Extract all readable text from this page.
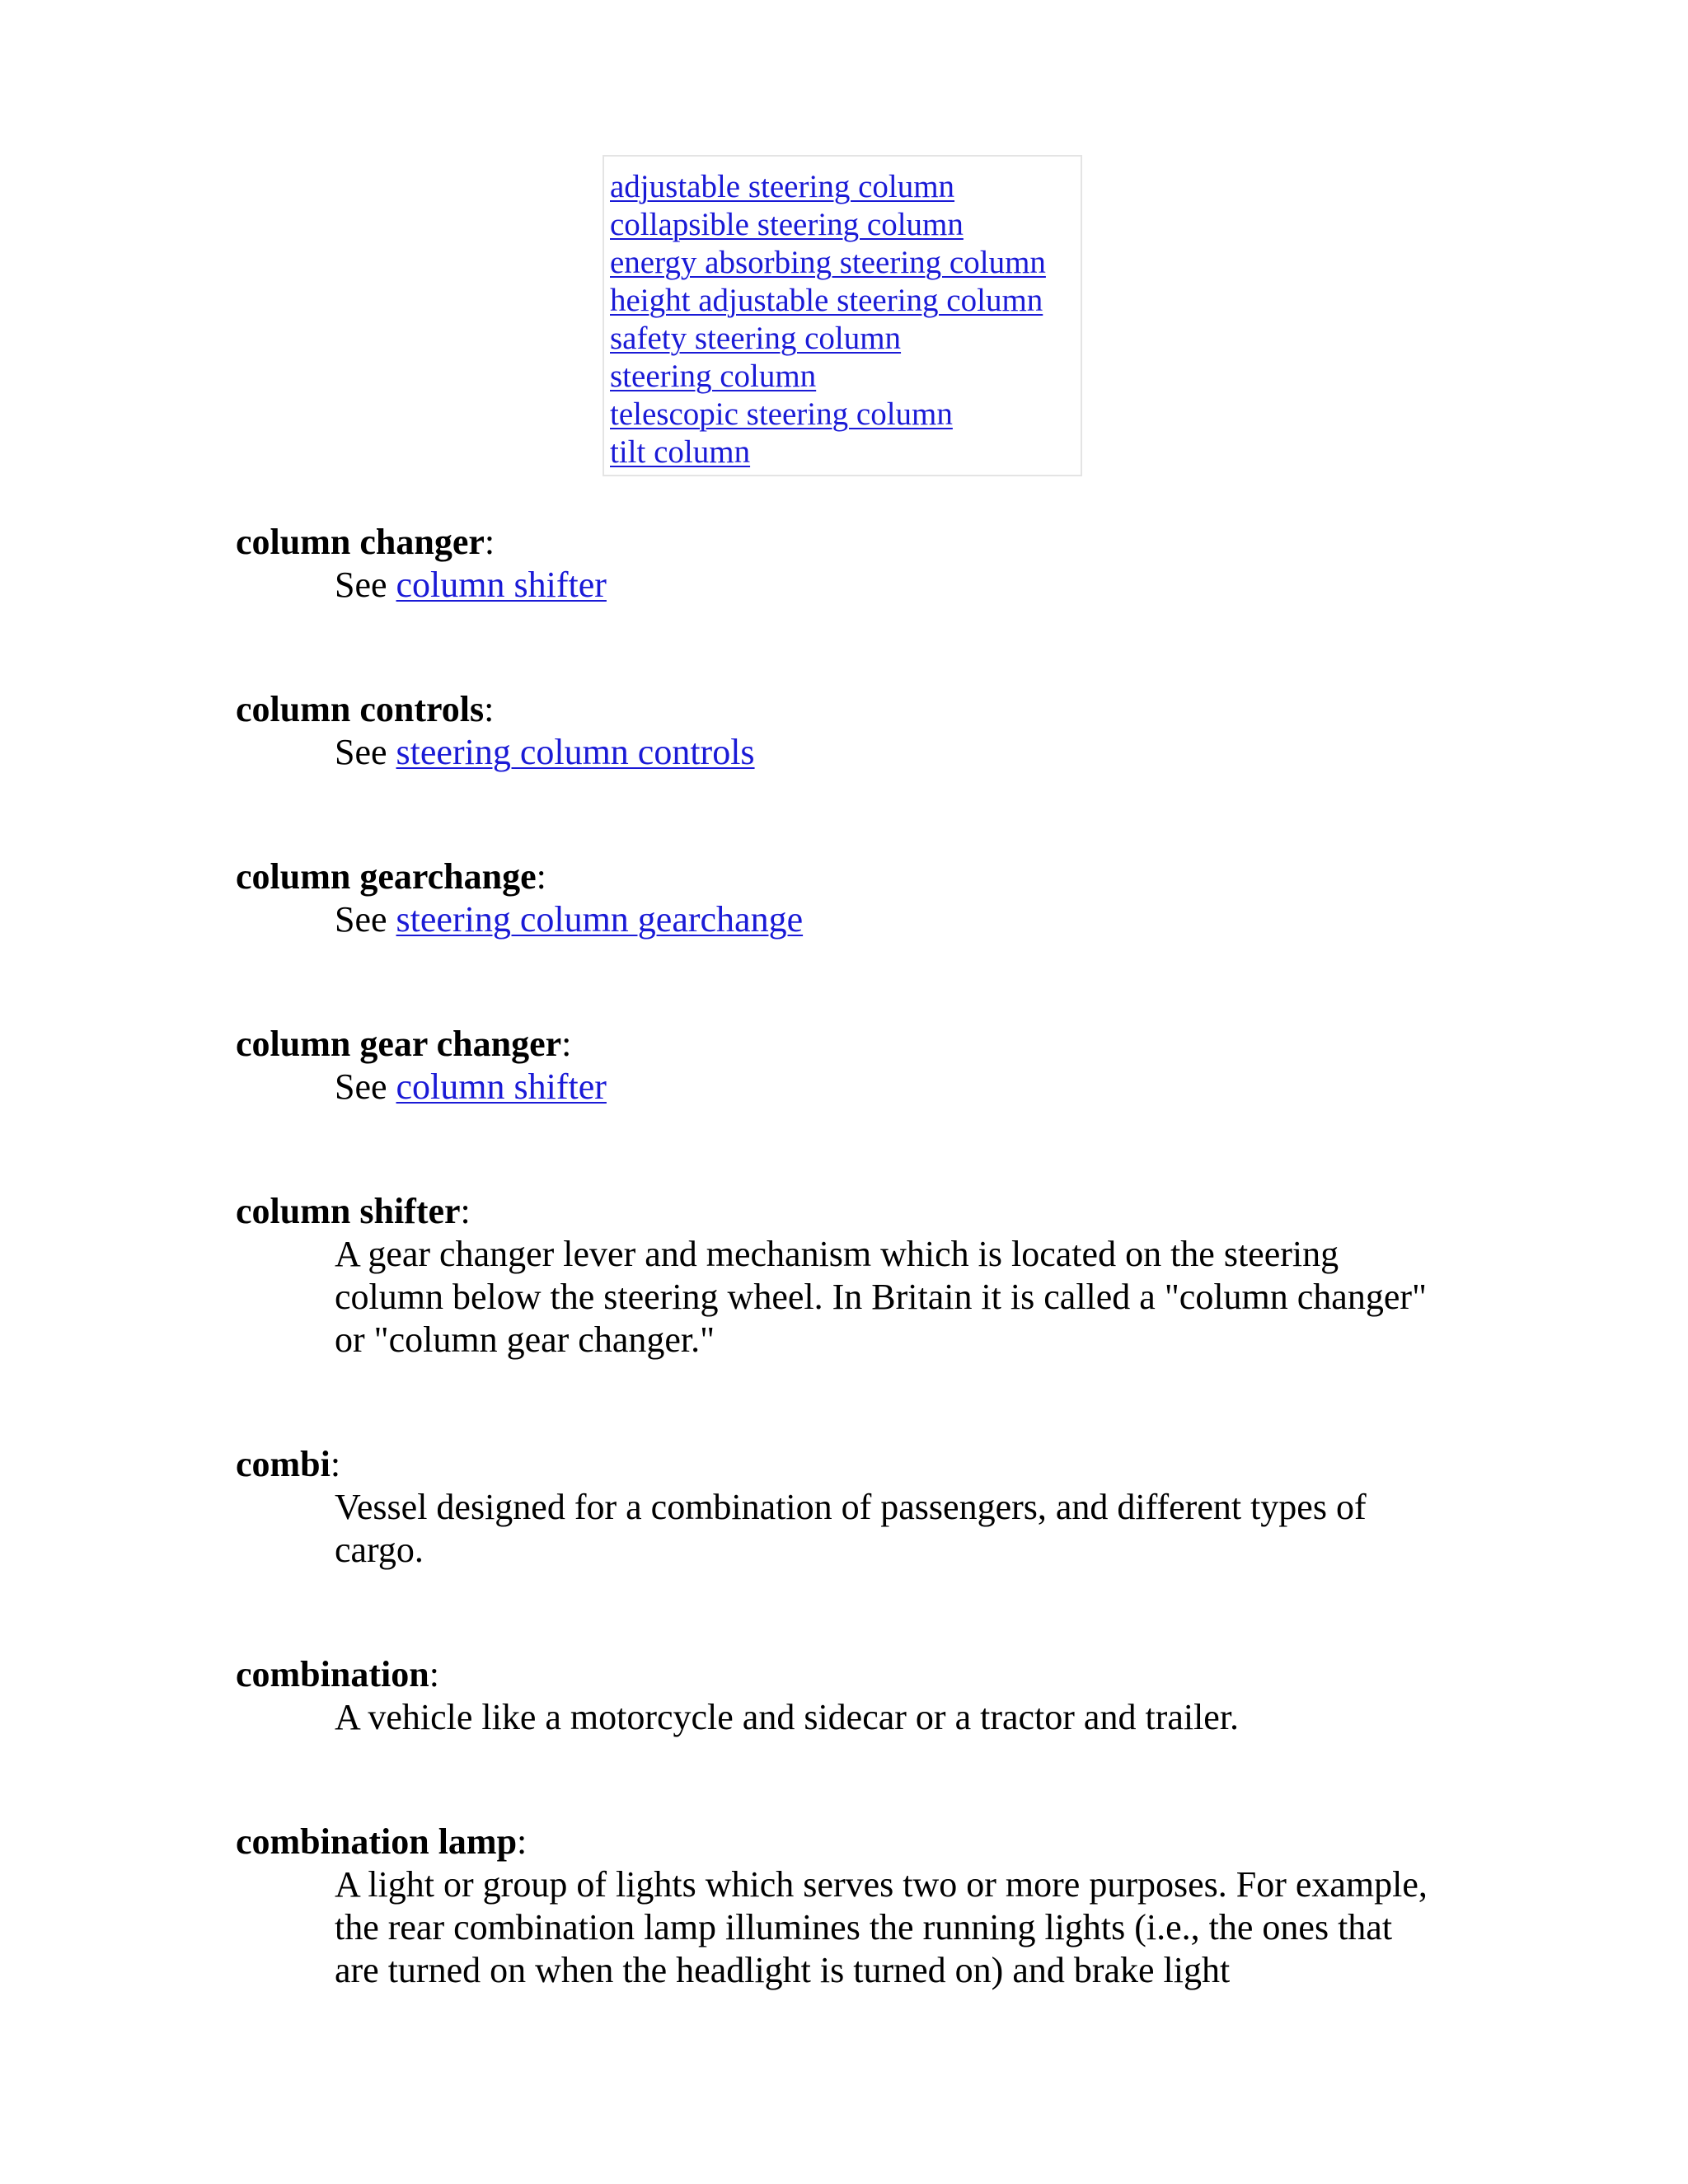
adjustable steering column
collapsible steering column
energy absorbing steering column
height adjustable steering column
safety steering column
steering column
telescopic steering column
tilt column
column changer:
See column shifter
column controls:
See steering column controls
column gearchange:
See steering column gearchange
column gear changer:
See column shifter
column shifter:
A gear changer lever and mechanism which is located on the steering column below the steering wheel. In Britain it is called a "column changer" or "column gear changer."
combi:
Vessel designed for a combination of passengers, and different types of cargo.
combination:
A vehicle like a motorcycle and sidecar or a tractor and trailer.
combination lamp:
A light or group of lights which serves two or more purposes. For example, the rear combination lamp illumines the running lights (i.e., the ones that are turned on when the headlight is turned on) and brake light
